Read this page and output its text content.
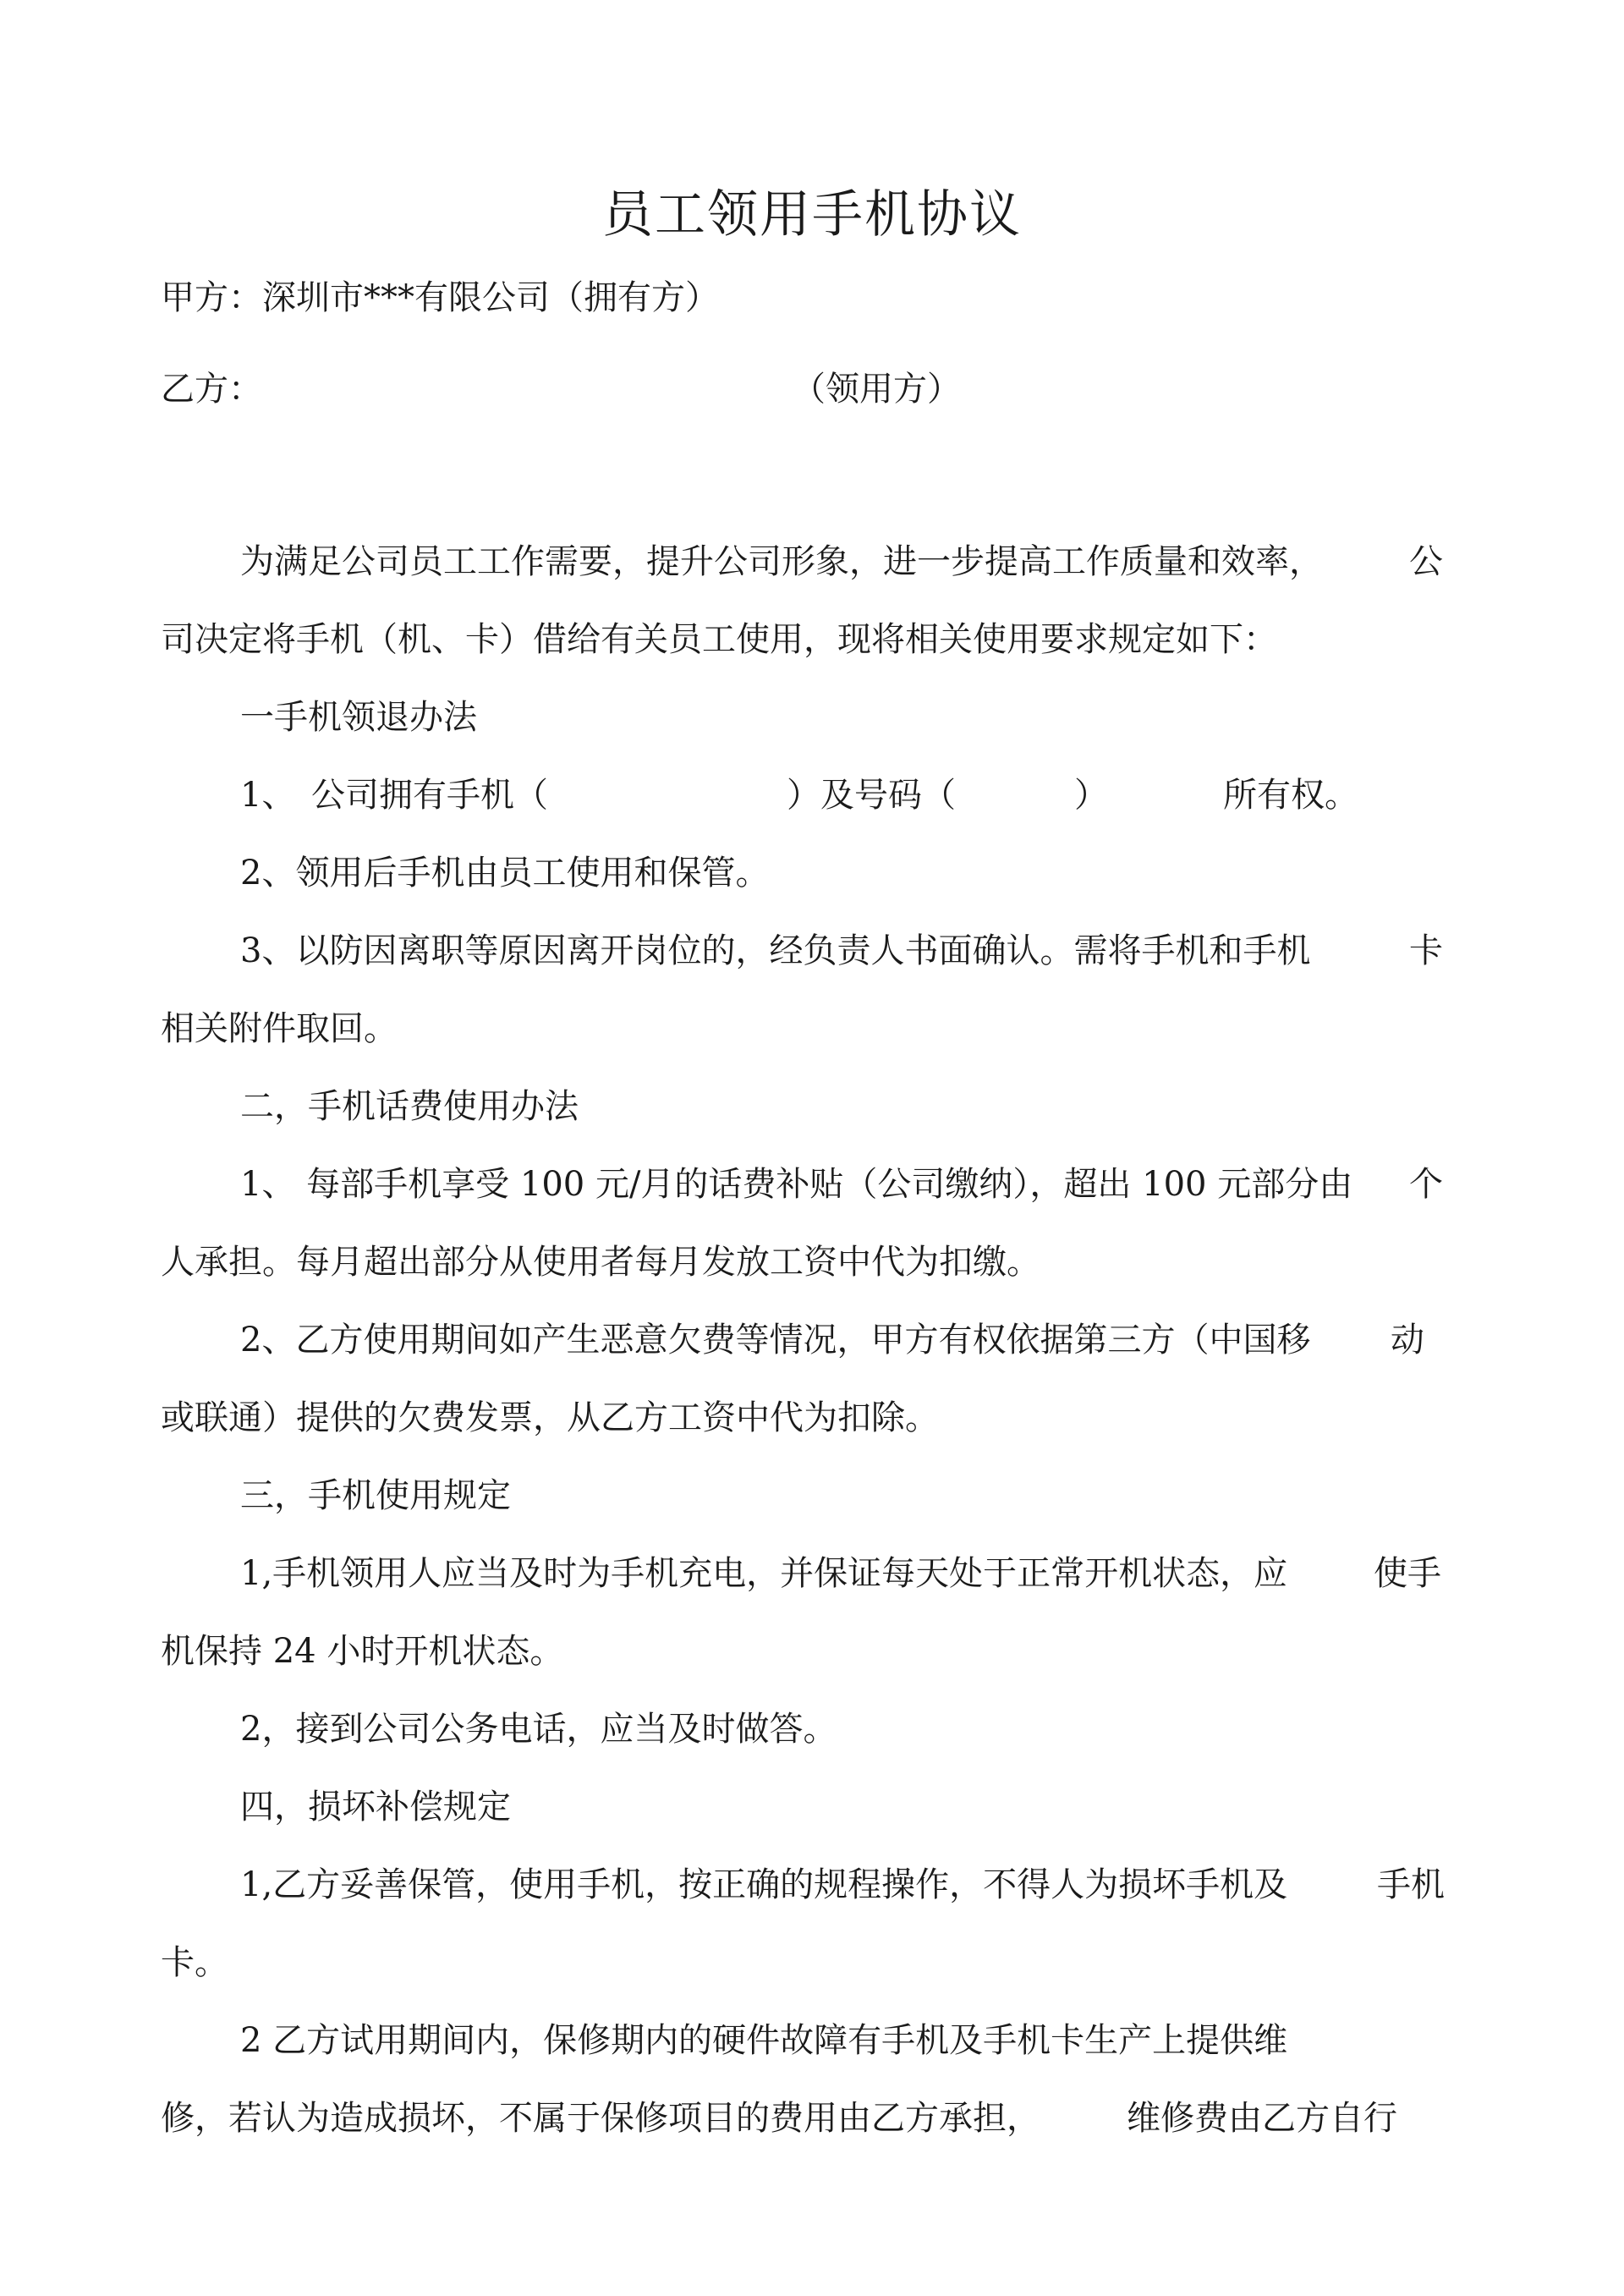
员工领用手机协议
甲方：深圳市***有限公司（拥有方）
乙方：	（领用方）
为满足公司员工工作需要，提升公司形象，进一步提高工作质量和效率，	公
司决定将手机（机、卡）借给有关员工使用，现将相关使用要求规定如下：
一手机领退办法
1、 公司拥有手机（	）及号码（	）	所有权。
2、领用后手机由员工使用和保管。
3、以防因离职等原因离开岗位的，经负责人书面确认。需将手机和手机	卡
相关附件取回。
二，手机话费使用办法
1、 每部手机享受 100 元/月的话费补贴（公司缴纳），超出 100 元部分由 个
人承担。每月超出部分从使用者每月发放工资中代为扣缴。
2、乙方使用期间如产生恶意欠费等情况，甲方有权依据第三方（中国移 动
或联通）提供的欠费发票，从乙方工资中代为扣除。
三，手机使用规定
1,手机领用人应当及时为手机充电，并保证每天处于正常开机状态，应	使手
机保持 24 小时开机状态。
2，接到公司公务电话，应当及时做答。
四，损坏补偿规定
1,乙方妥善保管，使用手机，按正确的规程操作，不得人为损坏手机及	手机
卡。
2 乙方试用期间内，保修期内的硬件故障有手机及手机卡生产上提供维
修，若认为造成损坏，不属于保修项目的费用由乙方承担，	维修费由乙方自行
